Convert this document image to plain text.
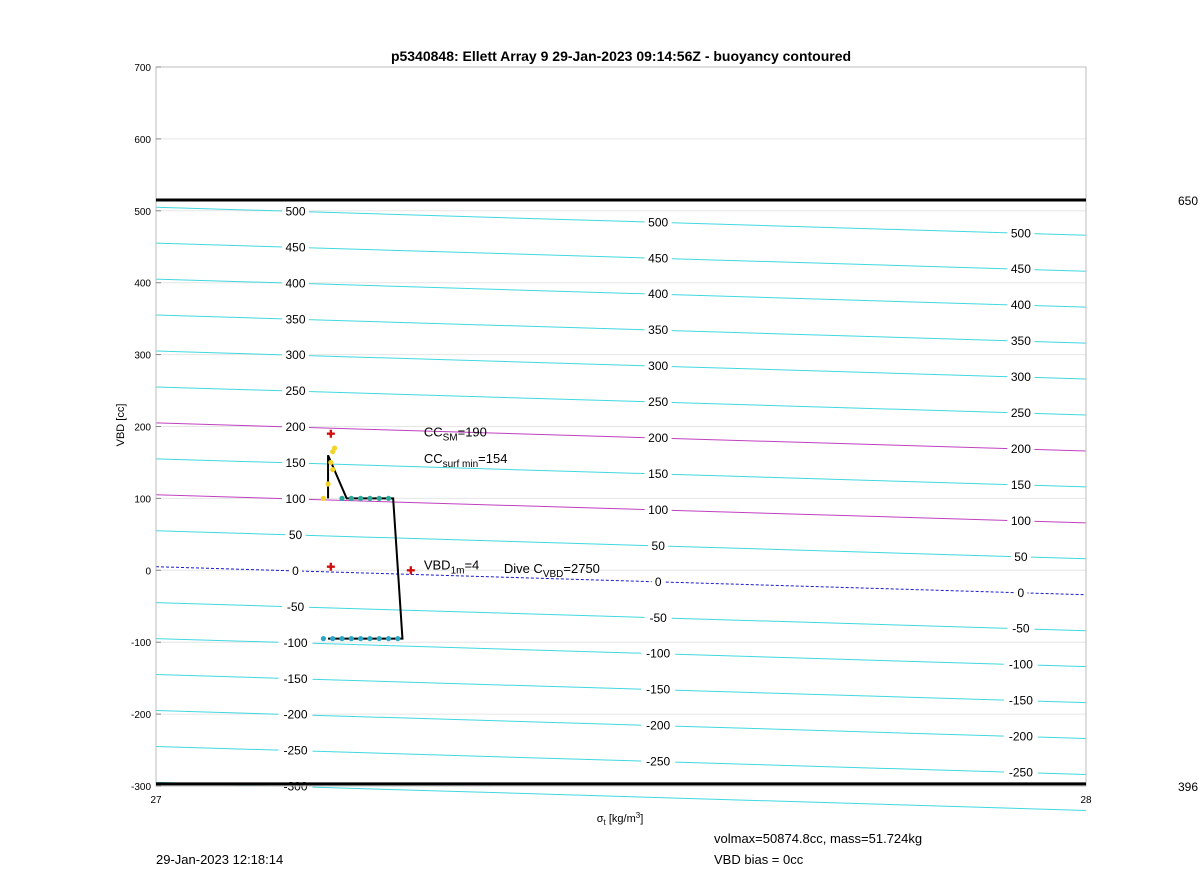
500
500
500
450
450
450
400
400
400
350
350
350
300
300
300
250
250
250
200
200
200
150
150
150
100
100
100
50
50
50
0
0
0
-50
-50
-50
-100
-100
-100
-150
-150
-150
-200
-200
-200
-250
-250
-250
-300
-300
-200
-100
0
100
200
300
400
500
600
700
27	28
650
396
$CC_{SM}=190$
$CC_{surf min}=154$
$VBD_{1m}=4$ Dive $C_{VBD}=2750$
p5340848: Ellett Array 9 29-Jan-2023 09:14:56Z - buoyancy contoured
VBD [cc]
$\sigma_t$ $[kg/m^3]$
29-Jan-2023 12:18:14
volmax=50874.8cc, mass=51.724kg
VBD bias = 0cc
